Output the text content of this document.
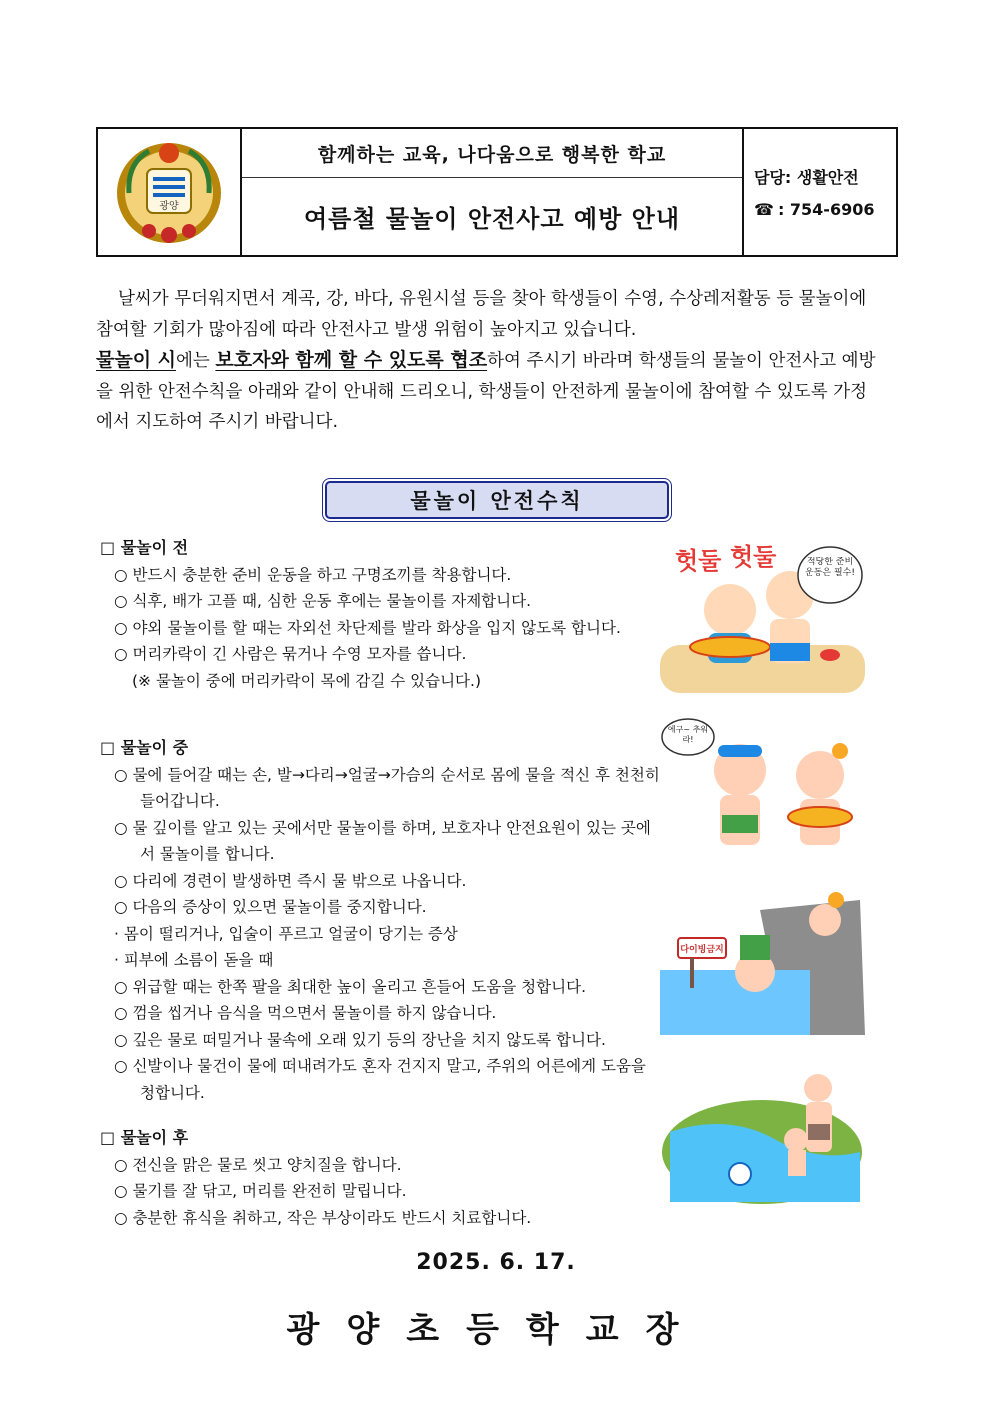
광양
함께하는 교육, 나다움으로 행복한 학교
여름철 물놀이 안전사고 예방 안내
담당: 생활안전
☎ : 754-6906

날씨가 무더워지면서 계곡, 강, 바다, 유원시설 등을 찾아 학생들이 수영, 수상레저활동 등 물놀이에 참여할 기회가 많아짐에 따라 안전사고 발생 위험이 높아지고 있습니다.

물놀이 시에는 보호자와 함께 할 수 있도록 협조하여 주시기 바라며 학생들의 물놀이 안전사고 예방을 위한 안전수칙을 아래와 같이 안내해 드리오니, 학생들이 안전하게 물놀이에 참여할 수 있도록 가정에서 지도하여 주시기 바랍니다.

물놀이 안전수칙
□ 물놀이 전
○ 반드시 충분한 준비 운동을 하고 구명조끼를 착용합니다.
○ 식후, 배가 고플 때, 심한 운동 후에는 물놀이를 자제합니다.
○ 야외 물놀이를 할 때는 자외선 차단제를 발라 화상을 입지 않도록 합니다.
○ 머리카락이 긴 사람은 묶거나 수영 모자를 씁니다.
(※ 물놀이 중에 머리카락이 목에 감길 수 있습니다.)
□ 물놀이 중
○ 물에 들어갈 때는 손, 발→다리→얼굴→가슴의 순서로 몸에 물을 적신 후 천천히 들어갑니다.
○ 물 깊이를 알고 있는 곳에서만 물놀이를 하며, 보호자나 안전요원이 있는 곳에서 물놀이를 합니다.
○ 다리에 경련이 발생하면 즉시 물 밖으로 나옵니다.
○ 다음의 증상이 있으면 물놀이를 중지합니다.
· 몸이 떨리거나, 입술이 푸르고 얼굴이 당기는 증상
· 피부에 소름이 돋을 때
○ 위급할 때는 한쪽 팔을 최대한 높이 올리고 흔들어 도움을 청합니다.
○ 껌을 씹거나 음식을 먹으면서 물놀이를 하지 않습니다.
○ 깊은 물로 떠밀거나 물속에 오래 있기 등의 장난을 치지 않도록 합니다.
○ 신발이나 물건이 물에 떠내려가도 혼자 건지지 말고, 주위의 어른에게 도움을 청합니다.
□ 물놀이 후
○ 전신을 맑은 물로 씻고 양치질을 합니다.
○ 물기를 잘 닦고, 머리를 완전히 말립니다.
○ 충분한 휴식을 취하고, 작은 부상이라도 반드시 치료합니다.
헛둘 헛둘	적당한 준비 운동은 필수!
에구~ 추워라!
다이빙금지
2025. 6. 17.
광양초등학교장
